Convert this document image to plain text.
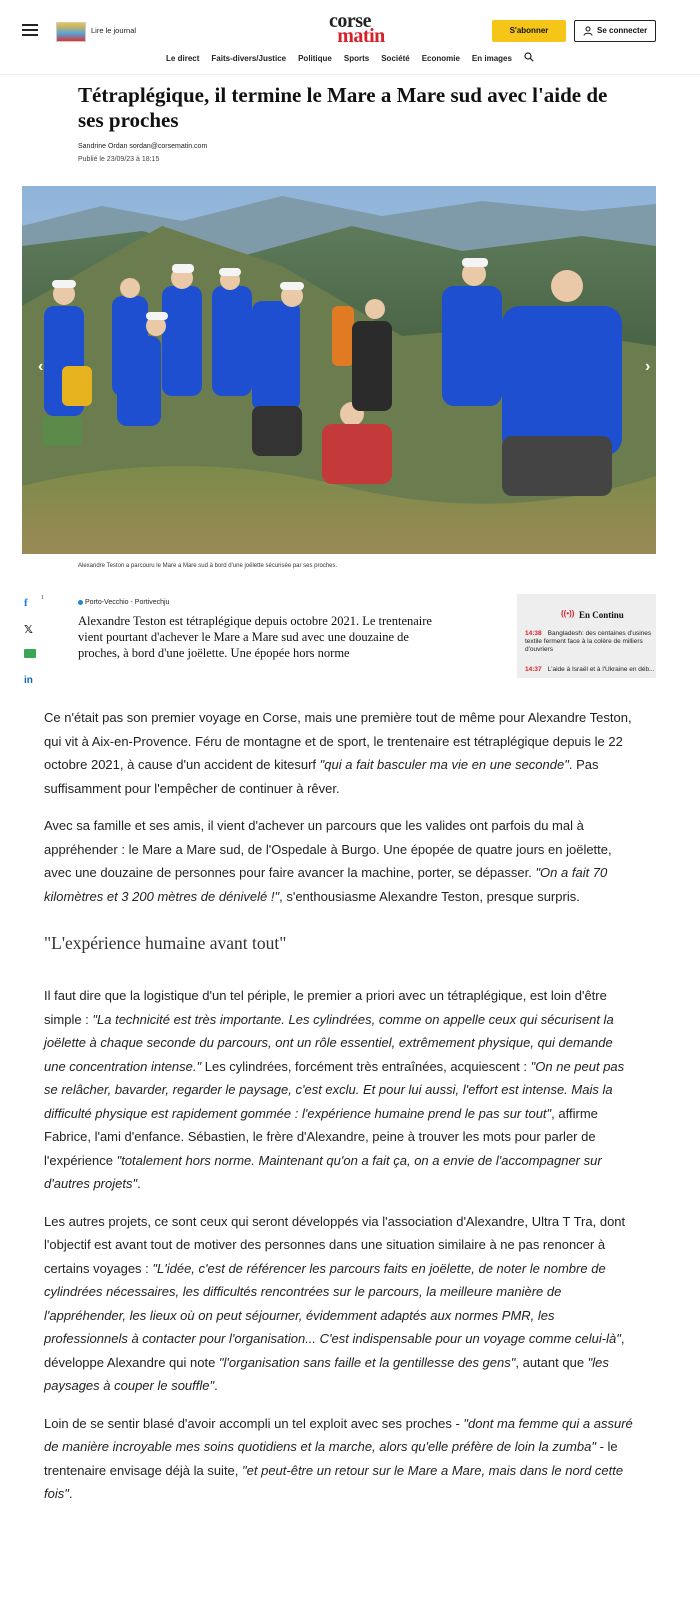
Lire le journal	corse
matin	S'abonner	Se connecter
Le direct Faits-divers/Justice Politique Sports Société Economie En images
Tétraplégique, il termine le Mare a Mare sud avec l'aide de ses proches
Sandrine Ordan sordan@corsematin.com
Publié le 23/09/23 à 18:15
‹	›
Alexandre Teston a parcouru le Mare a Mare sud à bord d'une joëlette sécurisée par ses proches.
f 1
𝕏
in
Porto-Vecchio - Portivechju

Alexandre Teston est tétraplégique depuis octobre 2021. Le trentenaire vient pourtant d'achever le Mare a Mare sud avec une douzaine de proches, à bord d'une joëlette. Une épopée hors norme

((•)) En Continu
14:38 Bangladesh: des centaines d'usines textile ferment face à la colère de milliers d'ouvriers
14:37 L'aide à Israël et à l'Ukraine en déb...

Ce n'était pas son premier voyage en Corse, mais une première tout de même pour Alexandre Teston, qui vit à Aix-en-Provence. Féru de montagne et de sport, le trentenaire est tétraplégique depuis le 22 octobre 2021, à cause d'un accident de kitesurf "qui a fait basculer ma vie en une seconde". Pas suffisamment pour l'empêcher de continuer à rêver.

Avec sa famille et ses amis, il vient d'achever un parcours que les valides ont parfois du mal à appréhender : le Mare a Mare sud, de l'Ospedale à Burgo. Une épopée de quatre jours en joëlette, avec une douzaine de personnes pour faire avancer la machine, porter, se dépasser. "On a fait 70 kilomètres et 3 200 mètres de dénivelé !", s'enthousiasme Alexandre Teston, presque surpris.

"L'expérience humaine avant tout"

Il faut dire que la logistique d'un tel périple, le premier a priori avec un tétraplégique, est loin d'être simple : "La technicité est très importante. Les cylindrées, comme on appelle ceux qui sécurisent la joëlette à chaque seconde du parcours, ont un rôle essentiel, extrêmement physique, qui demande une concentration intense." Les cylindrées, forcément très entraînées, acquiescent : "On ne peut pas se relâcher, bavarder, regarder le paysage, c'est exclu. Et pour lui aussi, l'effort est intense. Mais la difficulté physique est rapidement gommée : l'expérience humaine prend le pas sur tout", affirme Fabrice, l'ami d'enfance. Sébastien, le frère d'Alexandre, peine à trouver les mots pour parler de l'expérience "totalement hors norme. Maintenant qu'on a fait ça, on a envie de l'accompagner sur d'autres projets".

Les autres projets, ce sont ceux qui seront développés via l'association d'Alexandre, Ultra T Tra, dont l'objectif est avant tout de motiver des personnes dans une situation similaire à ne pas renoncer à certains voyages : "L'idée, c'est de référencer les parcours faits en joëlette, de noter le nombre de cylindrées nécessaires, les difficultés rencontrées sur le parcours, la meilleure manière de l'appréhender, les lieux où on peut séjourner, évidemment adaptés aux normes PMR, les professionnels à contacter pour l'organisation... C'est indispensable pour un voyage comme celui-là", développe Alexandre qui note "l'organisation sans faille et la gentillesse des gens", autant que "les paysages à couper le souffle".

Loin de se sentir blasé d'avoir accompli un tel exploit avec ses proches - "dont ma femme qui a assuré de manière incroyable mes soins quotidiens et la marche, alors qu'elle préfère de loin la zumba" - le trentenaire envisage déjà la suite, "et peut-être un retour sur le Mare a Mare, mais dans le nord cette fois".
